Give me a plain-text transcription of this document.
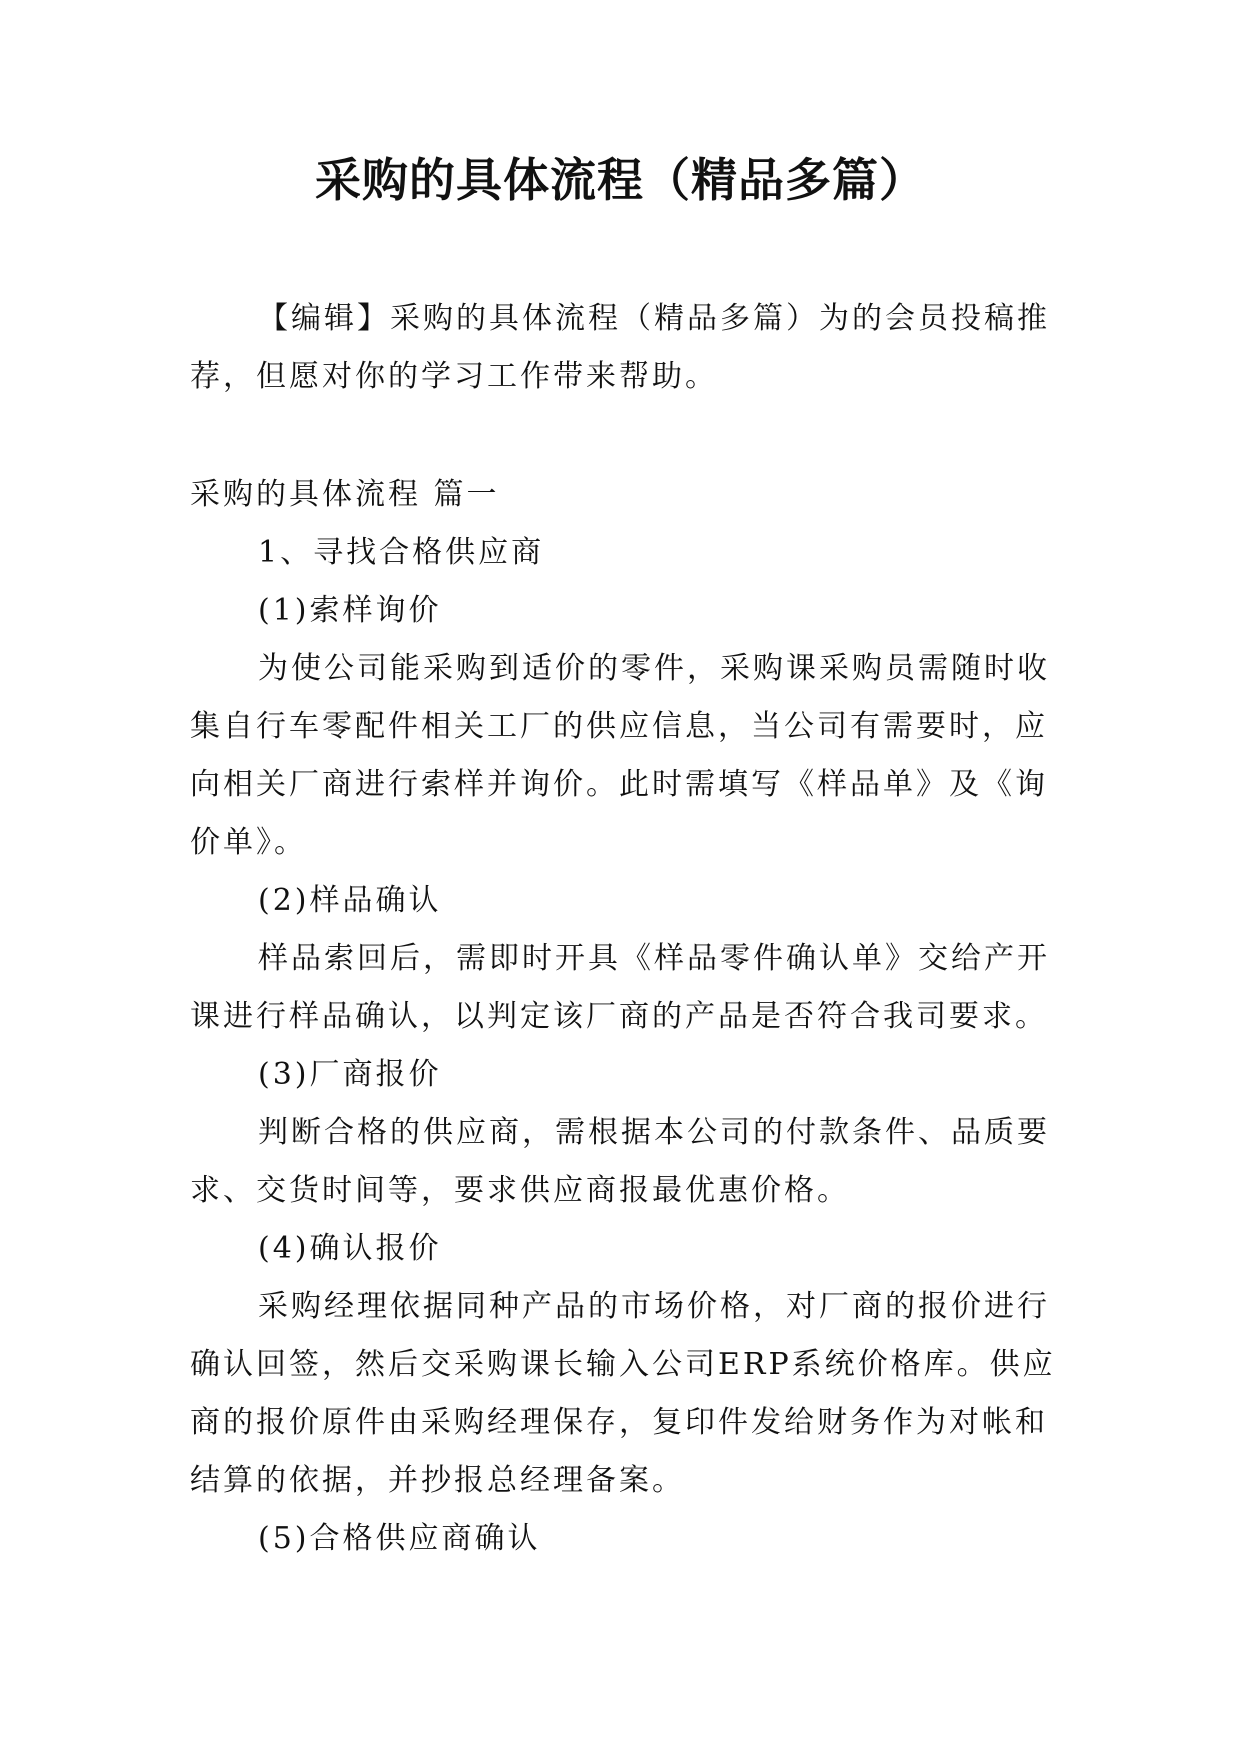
采购的具体流程（精品多篇）

【编辑】采购的具体流程（精品多篇）为的会员投稿推荐，但愿对你的学习工作带来帮助。

采购的具体流程 篇一

1、寻找合格供应商

(1)索样询价

为使公司能采购到适价的零件，采购课采购员需随时收集自行车零配件相关工厂的供应信息，当公司有需要时，应向相关厂商进行索样并询价。此时需填写《样品单》及《询价单》。

(2)样品确认

样品索回后，需即时开具《样品零件确认单》交给产开课进行样品确认，以判定该厂商的产品是否符合我司要求。

(3)厂商报价

判断合格的供应商，需根据本公司的付款条件、品质要求、交货时间等，要求供应商报最优惠价格。

(4)确认报价

采购经理依据同种产品的市场价格，对厂商的报价进行确认回签，然后交采购课长输入公司ERP系统价格库。供应商的报价原件由采购经理保存，复印件发给财务作为对帐和结算的依据，并抄报总经理备案。

(5)合格供应商确认
